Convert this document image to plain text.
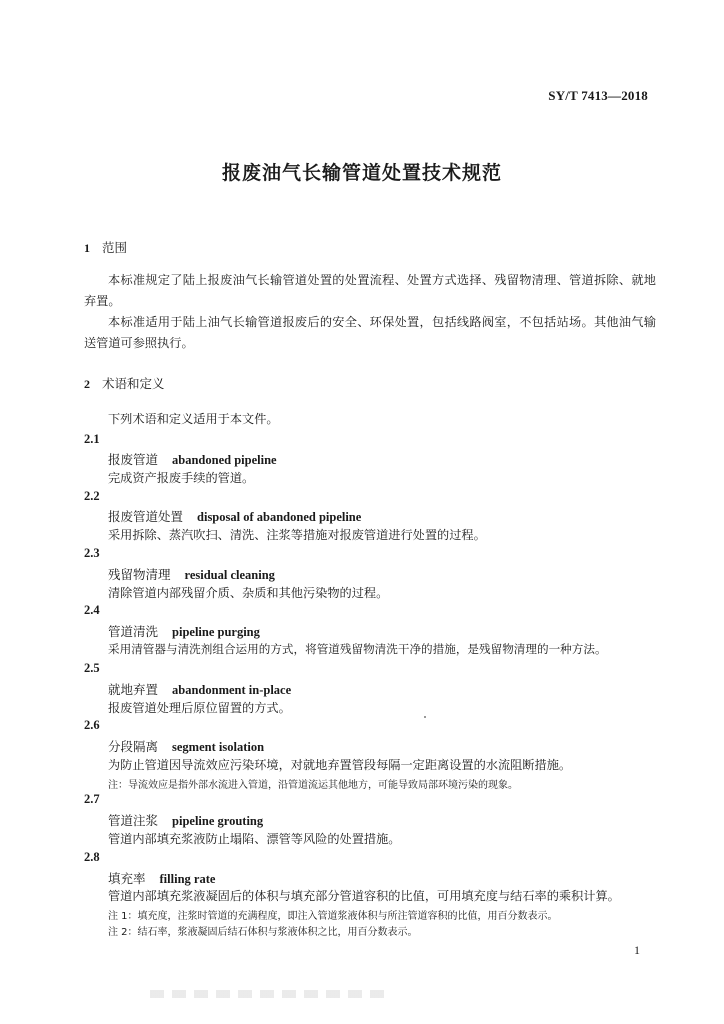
SY/T 7413—2018
报废油气长输管道处置技术规范
1 范围
本标准规定了陆上报废油气长输管道处置的处置流程、处置方式选择、残留物清理、管道拆除、就地弃置。
本标准适用于陆上油气长输管道报废后的安全、环保处置，包括线路阀室，不包括站场。其他油气输送管道可参照执行。
2 术语和定义
下列术语和定义适用于本文件。
2.1
报废管道 abandoned pipeline
完成资产报废手续的管道。
2.2
报废管道处置 disposal of abandoned pipeline
采用拆除、蒸汽吹扫、清洗、注浆等措施对报废管道进行处置的过程。
2.3
残留物清理 residual cleaning
清除管道内部残留介质、杂质和其他污染物的过程。
2.4
管道清洗 pipeline purging
采用清管器与清洗剂组合运用的方式，将管道残留物清洗干净的措施，是残留物清理的一种方法。
2.5
就地弃置 abandonment in-place
报废管道处理后原位留置的方式。
2.6
分段隔离 segment isolation
为防止管道因导流效应污染环境，对就地弃置管段每隔一定距离设置的水流阻断措施。
注：导流效应是指外部水流进入管道，沿管道流运其他地方，可能导致局部环境污染的现象。
2.7
管道注浆 pipeline grouting
管道内部填充浆液防止塌陷、漂管等风险的处置措施。
2.8
填充率 filling rate
管道内部填充浆液凝固后的体积与填充部分管道容积的比值，可用填充度与结石率的乘积计算。
注 1：填充度，注浆时管道的充满程度，即注入管道浆液体积与所注管道容积的比值，用百分数表示。
注 2：结石率，浆液凝固后结石体积与浆液体积之比，用百分数表示。
1
